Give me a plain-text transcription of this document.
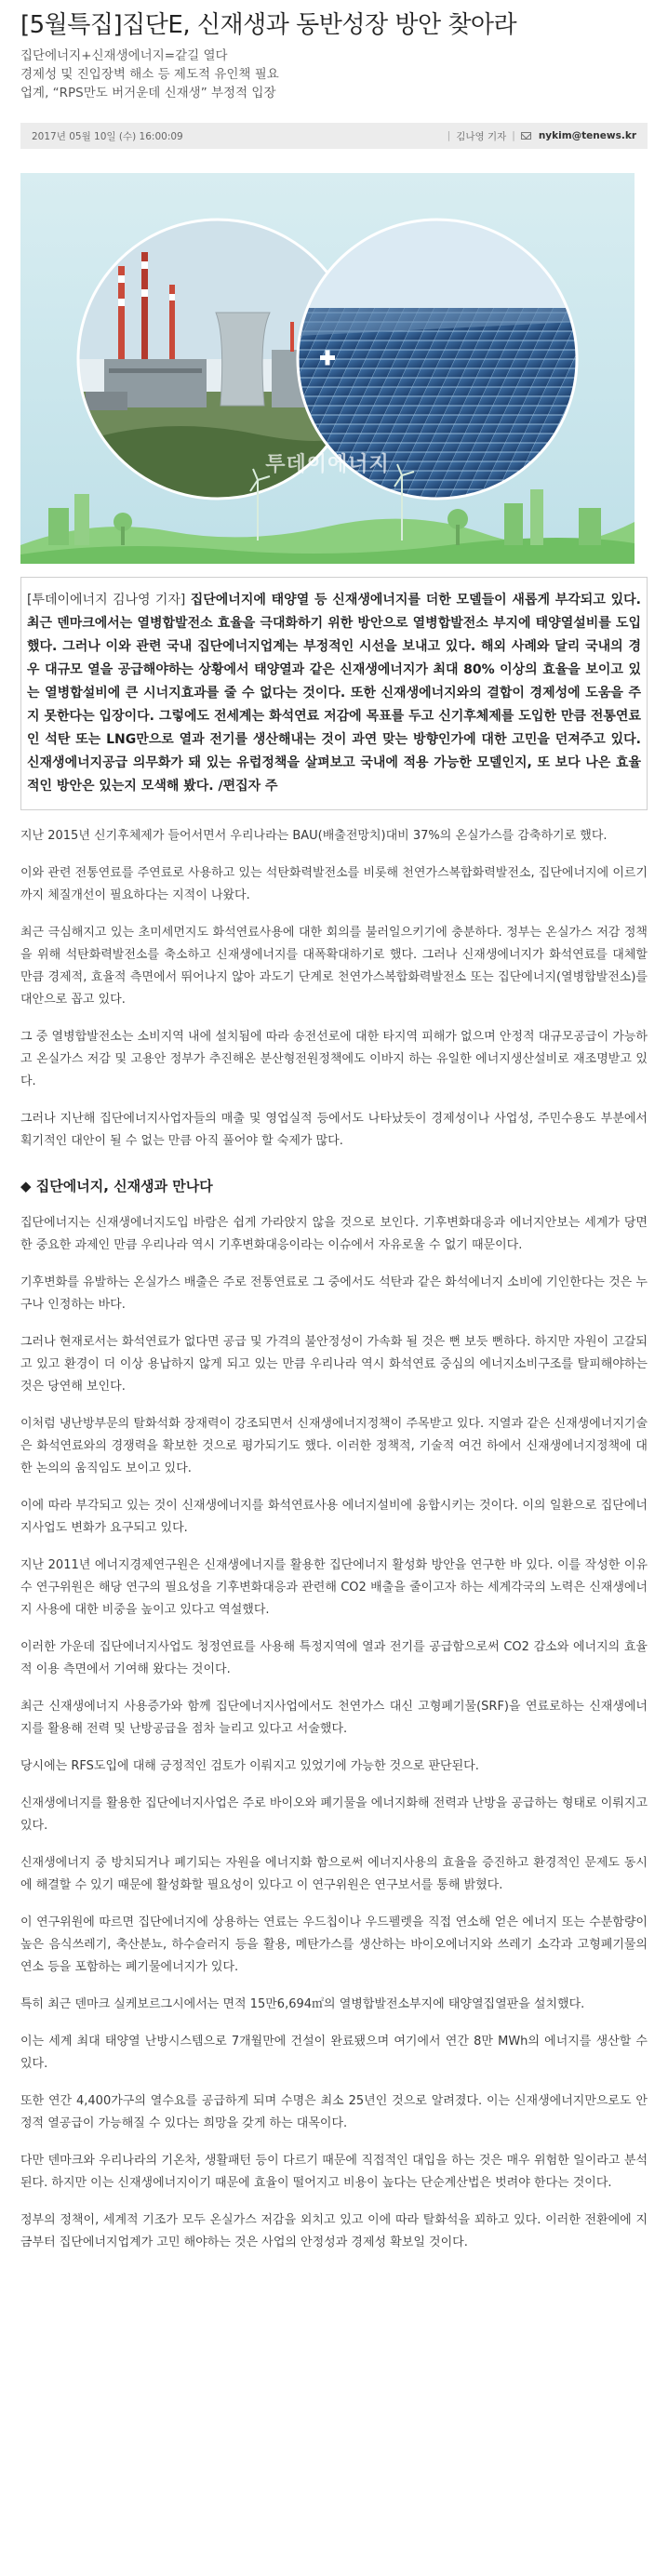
[5월특집]집단E, 신재생과 동반성장 방안 찾아라
집단에너지+신재생에너지=같길 열다
경제성 및 진입장벽 해소 등 제도적 유인책 필요
업계, “RPS만도 버거운데 신재생” 부정적 입장
2017년 05월 10일 (수) 16:00:09	| 김나영 기자 | nykim@tenews.kr
투데이에너지
[투데이에너지 김나영 기자] 집단에너지에 태양열 등 신재생에너지를 더한 모델들이 새롭게 부각되고 있다. 최근 덴마크에서는 열병합발전소 효율을 극대화하기 위한 방안으로 열병합발전소 부지에 태양열설비를 도입했다. 그러나 이와 관련 국내 집단에너지업계는 부정적인 시선을 보내고 있다. 해외 사례와 달리 국내의 경우 대규모 열을 공급해야하는 상황에서 태양열과 같은 신재생에너지가 최대 80% 이상의 효율을 보이고 있는 열병합설비에 큰 시너지효과를 줄 수 없다는 것이다. 또한 신재생에너지와의 결합이 경제성에 도움을 주지 못한다는 입장이다. 그렇에도 전세계는 화석연료 저감에 목표를 두고 신기후체제를 도입한 만큼 전통연료인 석탄 또는 LNG만으로 열과 전기를 생산해내는 것이 과연 맞는 방향인가에 대한 고민을 던져주고 있다. 신재생에너지공급 의무화가 돼 있는 유럽정책을 살펴보고 국내에 적용 가능한 모델인지, 또 보다 나은 효율적인 방안은 있는지 모색해 봤다. /편집자 주

지난 2015년 신기후체제가 들어서면서 우리나라는 BAU(배출전망치)대비 37%의 온실가스를 감축하기로 했다.

이와 관련 전통연료를 주연료로 사용하고 있는 석탄화력발전소를 비롯해 천연가스복합화력발전소, 집단에너지에 이르기까지 체질개선이 필요하다는 지적이 나왔다.

최근 극심해지고 있는 초미세먼지도 화석연료사용에 대한 회의를 불러일으키기에 충분하다. 정부는 온실가스 저감 정책을 위해 석탄화력발전소를 축소하고 신재생에너지를 대폭확대하기로 했다. 그러나 신재생에너지가 화석연료를 대체할 만큼 경제적, 효율적 측면에서 뛰어나지 않아 과도기 단계로 천연가스복합화력발전소 또는 집단에너지(열병합발전소)를 대안으로 꼽고 있다.

그 중 열병합발전소는 소비지역 내에 설치됨에 따라 송전선로에 대한 타지역 피해가 없으며 안정적 대규모공급이 가능하고 온실가스 저감 및 고용안 정부가 추진해온 분산형전원정책에도 이바지 하는 유일한 에너지생산설비로 재조명받고 있다.

그러나 지난해 집단에너지사업자들의 매출 및 영업실적 등에서도 나타났듯이 경제성이나 사업성, 주민수용도 부분에서 획기적인 대안이 될 수 없는 만큼 아직 풀어야 할 숙제가 많다.

◆ 집단에너지, 신재생과 만나다

집단에너지는 신재생에너지도입 바람은 쉽게 가라앉지 않을 것으로 보인다. 기후변화대응과 에너지안보는 세계가 당면한 중요한 과제인 만큼 우리나라 역시 기후변화대응이라는 이슈에서 자유로울 수 없기 때문이다.

기후변화를 유발하는 온실가스 배출은 주로 전통연료로 그 중에서도 석탄과 같은 화석에너지 소비에 기인한다는 것은 누구나 인정하는 바다.

그러나 현재로서는 화석연료가 없다면 공급 및 가격의 불안정성이 가속화 될 것은 뻔 보듯 뻔하다. 하지만 자원이 고갈되고 있고 환경이 더 이상 용납하지 않게 되고 있는 만큼 우리나라 역시 화석연료 중심의 에너지소비구조를 탈피해야하는 것은 당연해 보인다.

이처럼 냉난방부문의 탈화석화 장재력이 강조되면서 신재생에너지정책이 주목받고 있다. 지열과 같은 신재생에너지기술은 화석연료와의 경쟁력을 확보한 것으로 평가되기도 했다. 이러한 정책적, 기술적 여건 하에서 신재생에너지정책에 대한 논의의 움직임도 보이고 있다.

이에 따라 부각되고 있는 것이 신재생에너지를 화석연료사용 에너지설비에 융합시키는 것이다. 이의 일환으로 집단에너지사업도 변화가 요구되고 있다.

지난 2011년 에너지경제연구원은 신재생에너지를 활용한 집단에너지 활성화 방안을 연구한 바 있다. 이를 작성한 이유수 연구위원은 해당 연구의 필요성을 기후변화대응과 관련해 CO2 배출을 줄이고자 하는 세계각국의 노력은 신재생에너지 사용에 대한 비중을 높이고 있다고 역설했다.

이러한 가운데 집단에너지사업도 청정연료를 사용해 특정지역에 열과 전기를 공급함으로써 CO2 감소와 에너지의 효율적 이용 측면에서 기여해 왔다는 것이다.

최근 신재생에너지 사용증가와 함께 집단에너지사업에서도 천연가스 대신 고형폐기물(SRF)을 연료로하는 신재생에너지를 활용해 전력 및 난방공급을 점차 늘리고 있다고 서술했다.

당시에는 RFS도입에 대해 긍정적인 검토가 이뤄지고 있었기에 가능한 것으로 판단된다.

신재생에너지를 활용한 집단에너지사업은 주로 바이오와 폐기물을 에너지화해 전력과 난방을 공급하는 형태로 이뤄지고 있다.

신재생에너지 중 방치되거나 폐기되는 자원을 에너지화 함으로써 에너지사용의 효율을 증진하고 환경적인 문제도 동시에 해결할 수 있기 때문에 활성화할 필요성이 있다고 이 연구위원은 연구보서를 통해 밝혔다.

이 연구위원에 따르면 집단에너지에 상용하는 연료는 우드칩이나 우드펠렛을 직접 연소해 얻은 에너지 또는 수분함량이 높은 음식쓰레기, 축산분뇨, 하수슬러지 등을 활용, 메탄가스를 생산하는 바이오에너지와 쓰레기 소각과 고형폐기물의 연소 등을 포함하는 폐기물에너지가 있다.

특히 최근 덴마크 실케보르그시에서는 면적 15만6,694㎡의 열병합발전소부지에 태양열집열판을 설치했다.

이는 세계 최대 태양열 난방시스템으로 7개월만에 건설이 완료됐으며 여기에서 연간 8만 MWh의 에너지를 생산할 수 있다.

또한 연간 4,400가구의 열수요를 공급하게 되며 수명은 최소 25년인 것으로 알려졌다. 이는 신재생에너지만으로도 안정적 열공급이 가능해질 수 있다는 희망을 갖게 하는 대목이다.

다만 덴마크와 우리나라의 기온차, 생활패턴 등이 다르기 때문에 직접적인 대입을 하는 것은 매우 위험한 일이라고 분석된다. 하지만 이는 신재생에너지이기 때문에 효율이 떨어지고 비용이 높다는 단순계산법은 벗려야 한다는 것이다.

정부의 정책이, 세계적 기조가 모두 온실가스 저감을 외치고 있고 이에 따라 탈화석을 꾀하고 있다. 이러한 전환에에 지금부터 집단에너지업계가 고민 해야하는 것은 사업의 안정성과 경제성 확보일 것이다.
